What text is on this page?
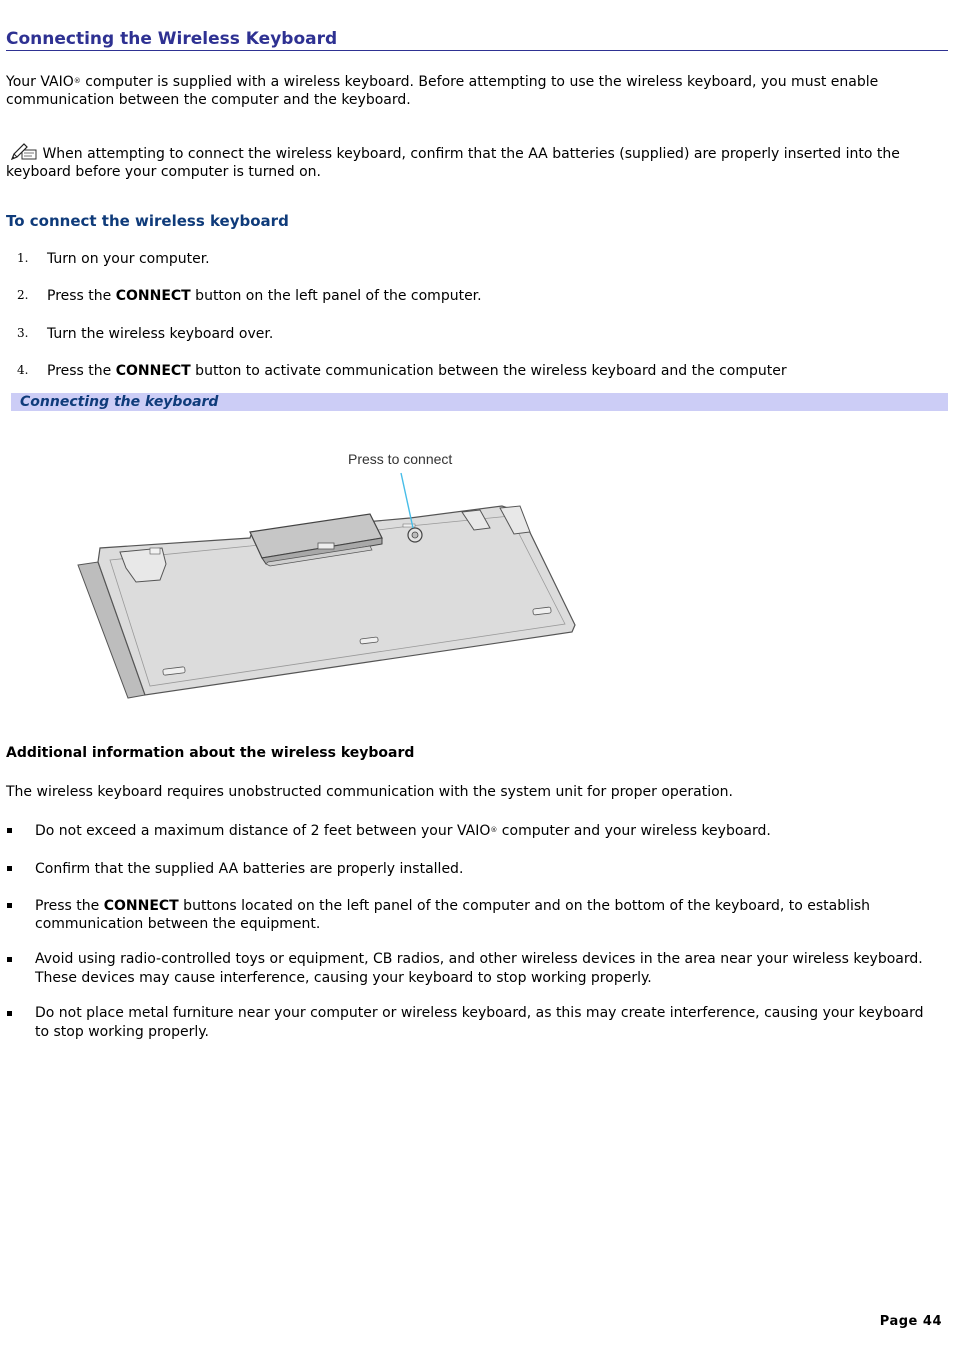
Connecting the Wireless Keyboard
Your VAIO® computer is supplied with a wireless keyboard. Before attempting to use the wireless keyboard, you must enable communication between the computer and the keyboard.
When attempting to connect the wireless keyboard, confirm that the AA batteries (supplied) are properly inserted into the keyboard before your computer is turned on.
To connect the wireless keyboard
1. Turn on your computer.
2. Press the CONNECT button on the left panel of the computer.
3. Turn the wireless keyboard over.
4. Press the CONNECT button to activate communication between the wireless keyboard and the computer
Connecting the keyboard
Press to connect
Additional information about the wireless keyboard
The wireless keyboard requires unobstructed communication with the system unit for proper operation.
Do not exceed a maximum distance of 2 feet between your VAIO® computer and your wireless keyboard.
Confirm that the supplied AA batteries are properly installed.
Press the CONNECT buttons located on the left panel of the computer and on the bottom of the keyboard, to establish communication between the equipment.
Avoid using radio-controlled toys or equipment, CB radios, and other wireless devices in the area near your wireless keyboard. These devices may cause interference, causing your keyboard to stop working properly.
Do not place metal furniture near your computer or wireless keyboard, as this may create interference, causing your keyboard to stop working properly.
Page 44
